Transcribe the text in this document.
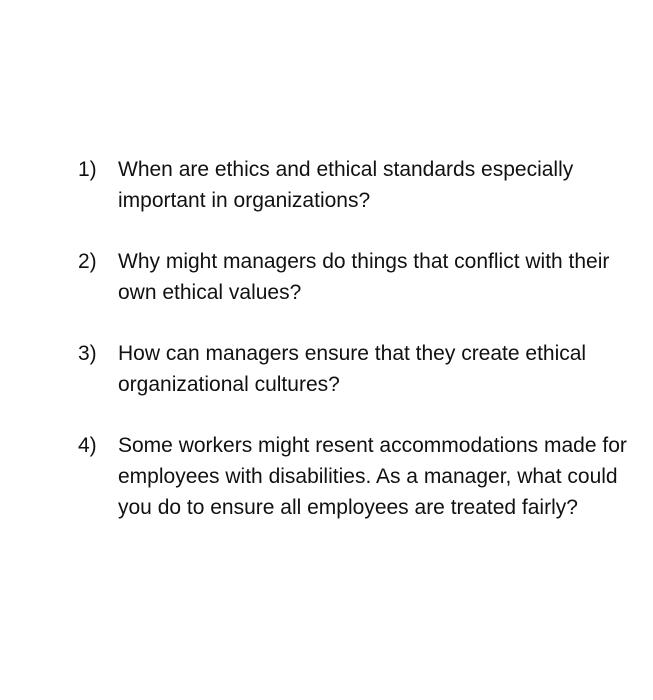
1)	When are ethics and ethical standards especially important in organizations?
2)	Why might managers do things that conflict with their own ethical values?
3)	How can managers ensure that they create ethical organizational cultures?
4)	Some workers might resent accommodations made for employees with disabilities. As a manager, what could you do to ensure all employees are treated fairly?
